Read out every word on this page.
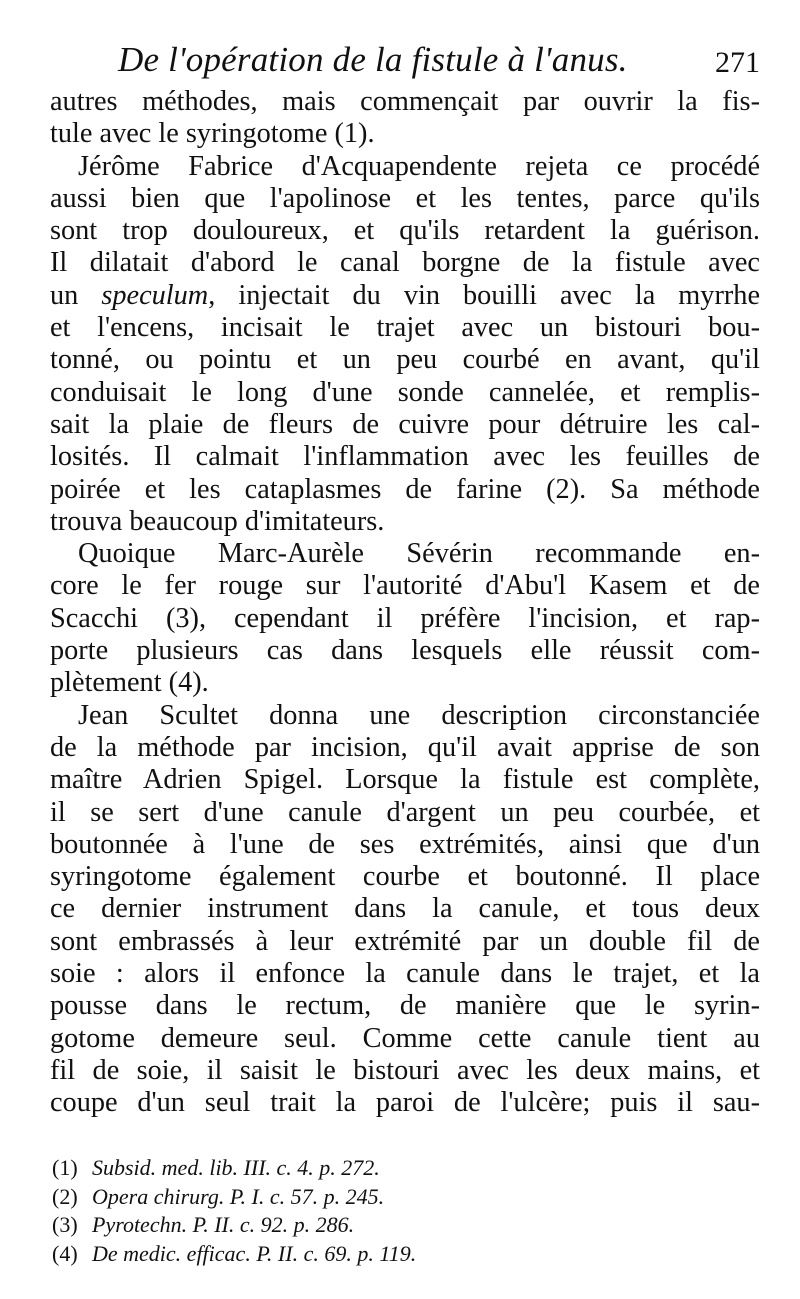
De l'opération de la fistule à l'anus.	271
autres méthodes, mais commençait par ouvrir la fis-
tule avec le syringotome (1).
Jérôme Fabrice d'Acquapendente rejeta ce procédé
aussi bien que l'apolinose et les tentes, parce qu'ils
sont trop douloureux, et qu'ils retardent la guérison.
Il dilatait d'abord le canal borgne de la fistule avec
un speculum, injectait du vin bouilli avec la myrrhe
et l'encens, incisait le trajet avec un bistouri bou-
tonné, ou pointu et un peu courbé en avant, qu'il
conduisait le long d'une sonde cannelée, et remplis-
sait la plaie de fleurs de cuivre pour détruire les cal-
losités. Il calmait l'inflammation avec les feuilles de
poirée et les cataplasmes de farine (2). Sa méthode
trouva beaucoup d'imitateurs.
Quoique Marc-Aurèle Sévérin recommande en-
core le fer rouge sur l'autorité d'Abu'l Kasem et de
Scacchi (3), cependant il préfère l'incision, et rap-
porte plusieurs cas dans lesquels elle réussit com-
plètement (4).
Jean Scultet donna une description circonstanciée
de la méthode par incision, qu'il avait apprise de son
maître Adrien Spigel. Lorsque la fistule est complète,
il se sert d'une canule d'argent un peu courbée, et
boutonnée à l'une de ses extrémités, ainsi que d'un
syringotome également courbe et boutonné. Il place
ce dernier instrument dans la canule, et tous deux
sont embrassés à leur extrémité par un double fil de
soie : alors il enfonce la canule dans le trajet, et la
pousse dans le rectum, de manière que le syrin-
gotome demeure seul. Comme cette canule tient au
fil de soie, il saisit le bistouri avec les deux mains, et
coupe d'un seul trait la paroi de l'ulcère; puis il sau-
(1) Subsid. med. lib. III. c. 4. p. 272.
(2) Opera chirurg. P. I. c. 57. p. 245.
(3) Pyrotechn. P. II. c. 92. p. 286.
(4) De medic. efficac. P. II. c. 69. p. 119.
